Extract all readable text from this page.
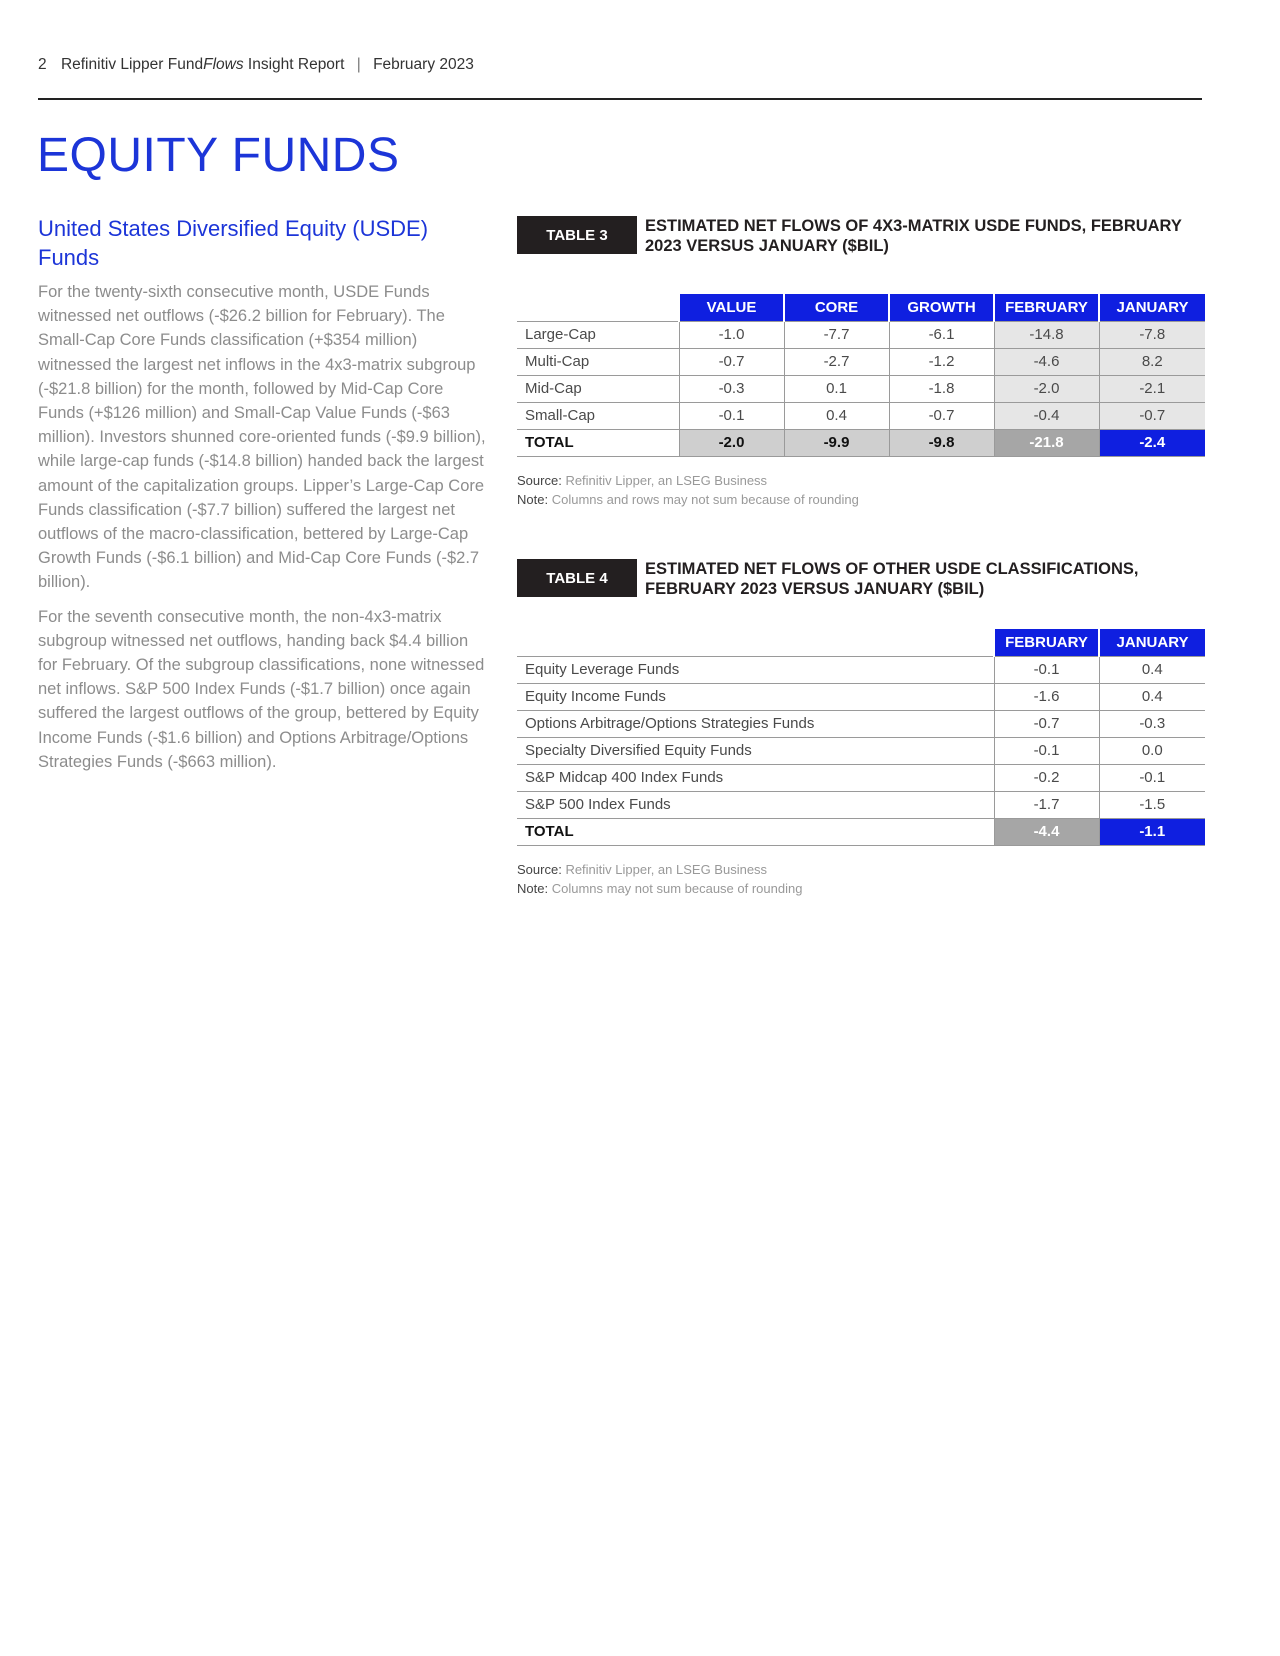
2 Refinitiv Lipper FundFlows Insight Report | February 2023
EQUITY FUNDS
United States Diversified Equity (USDE) Funds

For the twenty-sixth consecutive month, USDE Funds witnessed net outflows (-$26.2 billion for February). The Small-Cap Core Funds classification (+$354 million) witnessed the largest net inflows in the 4x3-matrix subgroup (-$21.8 billion) for the month, followed by Mid-Cap Core Funds (+$126 million) and Small-Cap Value Funds (-$63 million). Investors shunned core-oriented funds (-$9.9 billion), while large-cap funds (-$14.8 billion) handed back the largest amount of the capitalization groups. Lipper’s Large-Cap Core Funds classification (-$7.7 billion) suffered the largest net outflows of the macro-classification, bettered by Large-Cap Growth Funds (-$6.1 billion) and Mid-Cap Core Funds (-$2.7 billion).

For the seventh consecutive month, the non-4x3-matrix subgroup witnessed net outflows, handing back $4.4 billion for February. Of the subgroup classifications, none witnessed net inflows. S&P 500 Index Funds (-$1.7 billion) once again suffered the largest outflows of the group, bettered by Equity Income Funds (-$1.6 billion) and Options Arbitrage/Options Strategies Funds (-$663 million).

TABLE 3	ESTIMATED NET FLOWS OF 4X3-MATRIX USDE FUNDS, FEBRUARY 2023 VERSUS JANUARY ($BIL)
	VALUE	CORE	GROWTH	FEBRUARY	JANUARY
Large-Cap	-1.0	-7.7	-6.1	-14.8	-7.8
Multi-Cap	-0.7	-2.7	-1.2	-4.6	8.2
Mid-Cap	-0.3	0.1	-1.8	-2.0	-2.1
Small-Cap	-0.1	0.4	-0.7	-0.4	-0.7
TOTAL	-2.0	-9.9	-9.8	-21.8	-2.4
Source: Refinitiv Lipper, an LSEG Business
Note: Columns and rows may not sum because of rounding
TABLE 4	ESTIMATED NET FLOWS OF OTHER USDE CLASSIFICATIONS, FEBRUARY 2023 VERSUS JANUARY ($BIL)
	FEBRUARY	JANUARY
Equity Leverage Funds	-0.1	0.4
Equity Income Funds	-1.6	0.4
Options Arbitrage/Options Strategies Funds	-0.7	-0.3
Specialty Diversified Equity Funds	-0.1	0.0
S&P Midcap 400 Index Funds	-0.2	-0.1
S&P 500 Index Funds	-1.7	-1.5
TOTAL	-4.4	-1.1
Source: Refinitiv Lipper, an LSEG Business
Note: Columns may not sum because of rounding
